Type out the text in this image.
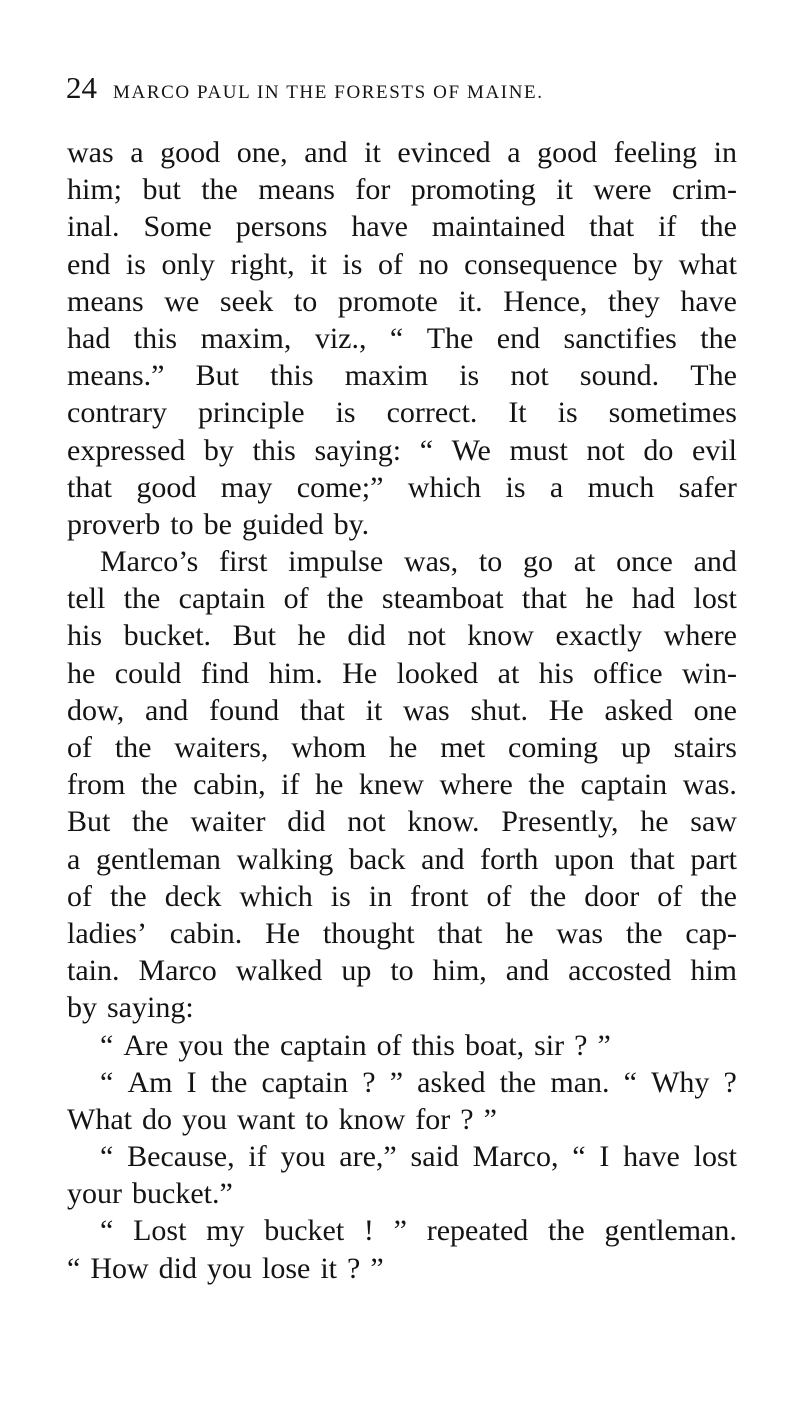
24 MARCO PAUL IN THE FORESTS OF MAINE.
was a good one, and it evinced a good feeling in
him; but the means for promoting it were crim-
inal. Some persons have maintained that if the
end is only right, it is of no consequence by what
means we seek to promote it. Hence, they have
had this maxim, viz., “ The end sanctifies the
means.” But this maxim is not sound. The
contrary principle is correct. It is sometimes
expressed by this saying: “ We must not do evil
that good may come;” which is a much safer
proverb to be guided by.
Marco’s first impulse was, to go at once and
tell the captain of the steamboat that he had lost
his bucket. But he did not know exactly where
he could find him. He looked at his office win-
dow, and found that it was shut. He asked one
of the waiters, whom he met coming up stairs
from the cabin, if he knew where the captain was.
But the waiter did not know. Presently, he saw
a gentleman walking back and forth upon that part
of the deck which is in front of the door of the
ladies’ cabin. He thought that he was the cap-
tain. Marco walked up to him, and accosted him
by saying:
“ Are you the captain of this boat, sir ? ”
“ Am I the captain ? ” asked the man. “ Why ?
What do you want to know for ? ”
“ Because, if you are,” said Marco, “ I have lost
your bucket.”
“ Lost my bucket ! ” repeated the gentleman.
“ How did you lose it ? ”
